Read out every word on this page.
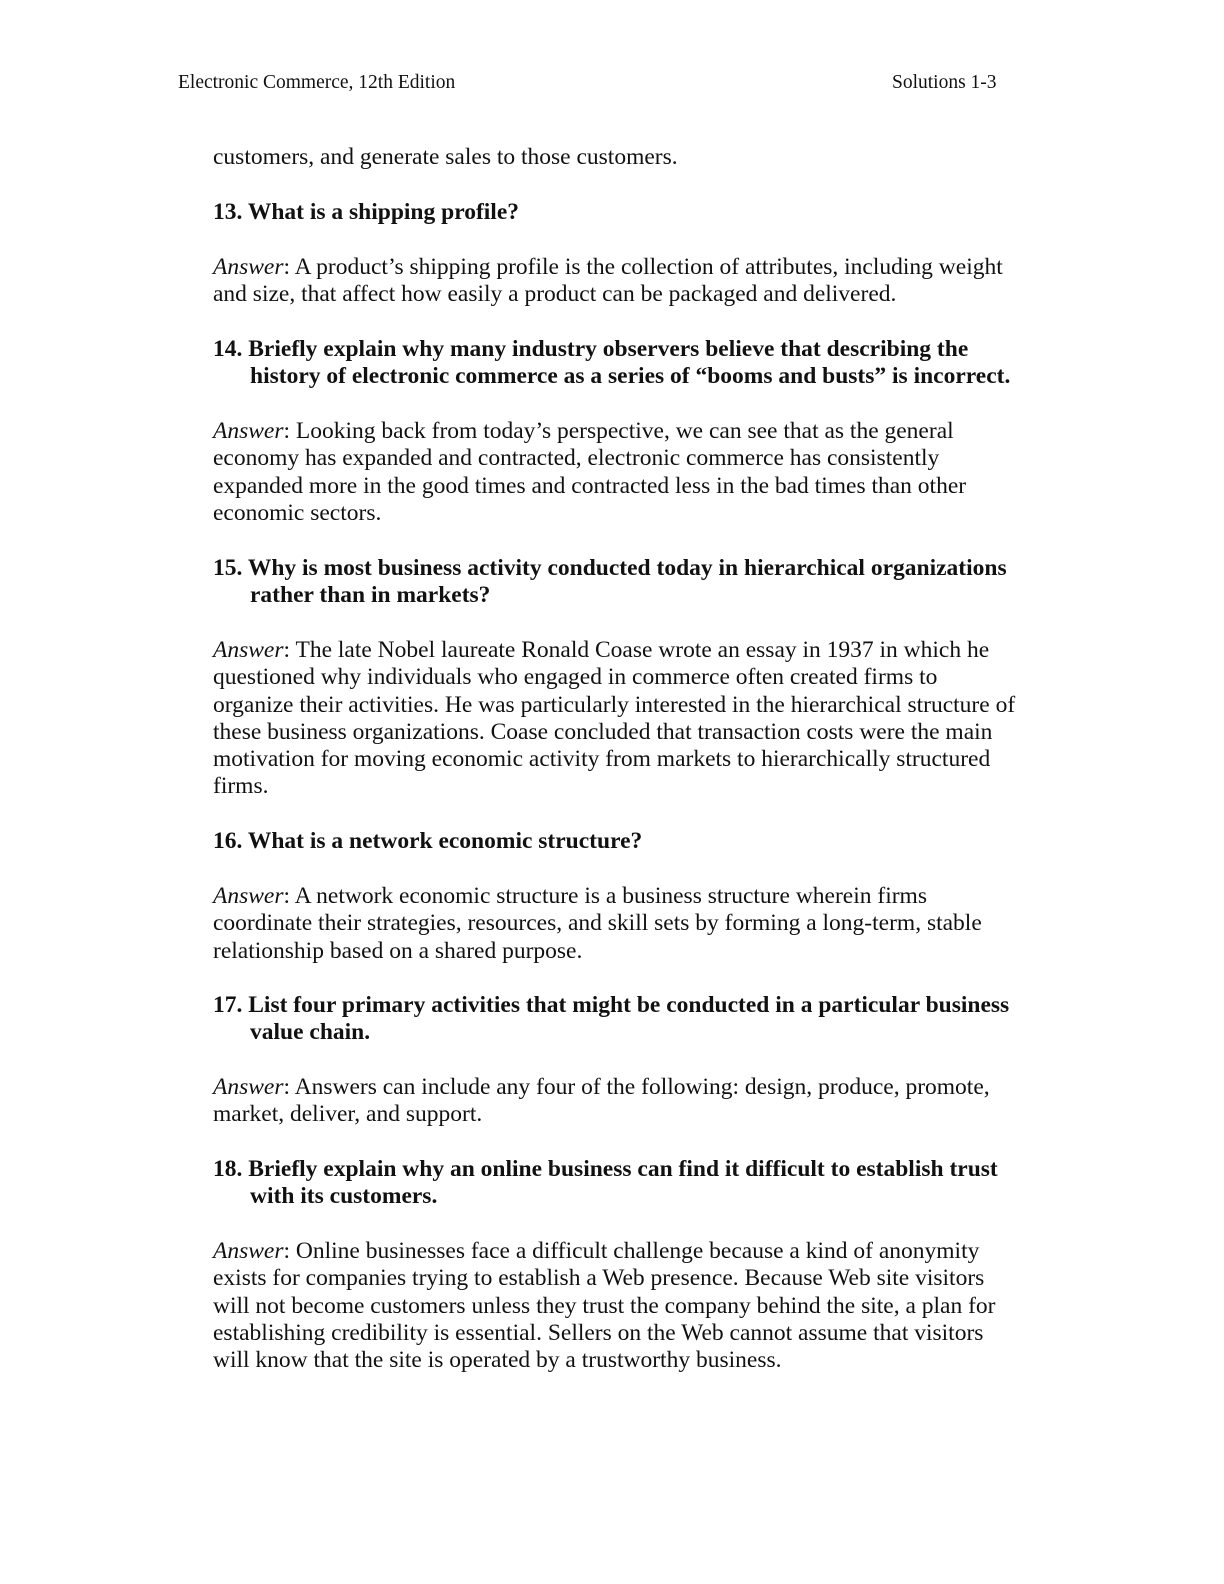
Electronic Commerce, 12th Edition	Solutions 1-3
customers, and generate sales to those customers.
13. What is a shipping profile?
Answer: A product’s shipping profile is the collection of attributes, including weight
and size, that affect how easily a product can be packaged and delivered.
14. Briefly explain why many industry observers believe that describing the
history of electronic commerce as a series of “booms and busts” is incorrect.
Answer: Looking back from today’s perspective, we can see that as the general
economy has expanded and contracted, electronic commerce has consistently
expanded more in the good times and contracted less in the bad times than other
economic sectors.
15. Why is most business activity conducted today in hierarchical organizations
rather than in markets?
Answer: The late Nobel laureate Ronald Coase wrote an essay in 1937 in which he
questioned why individuals who engaged in commerce often created firms to
organize their activities. He was particularly interested in the hierarchical structure of
these business organizations. Coase concluded that transaction costs were the main
motivation for moving economic activity from markets to hierarchically structured
firms.
16. What is a network economic structure?
Answer: A network economic structure is a business structure wherein firms
coordinate their strategies, resources, and skill sets by forming a long-term, stable
relationship based on a shared purpose.
17. List four primary activities that might be conducted in a particular business
value chain.
Answer: Answers can include any four of the following: design, produce, promote,
market, deliver, and support.
18. Briefly explain why an online business can find it difficult to establish trust
with its customers.
Answer: Online businesses face a difficult challenge because a kind of anonymity
exists for companies trying to establish a Web presence. Because Web site visitors
will not become customers unless they trust the company behind the site, a plan for
establishing credibility is essential. Sellers on the Web cannot assume that visitors
will know that the site is operated by a trustworthy business.
